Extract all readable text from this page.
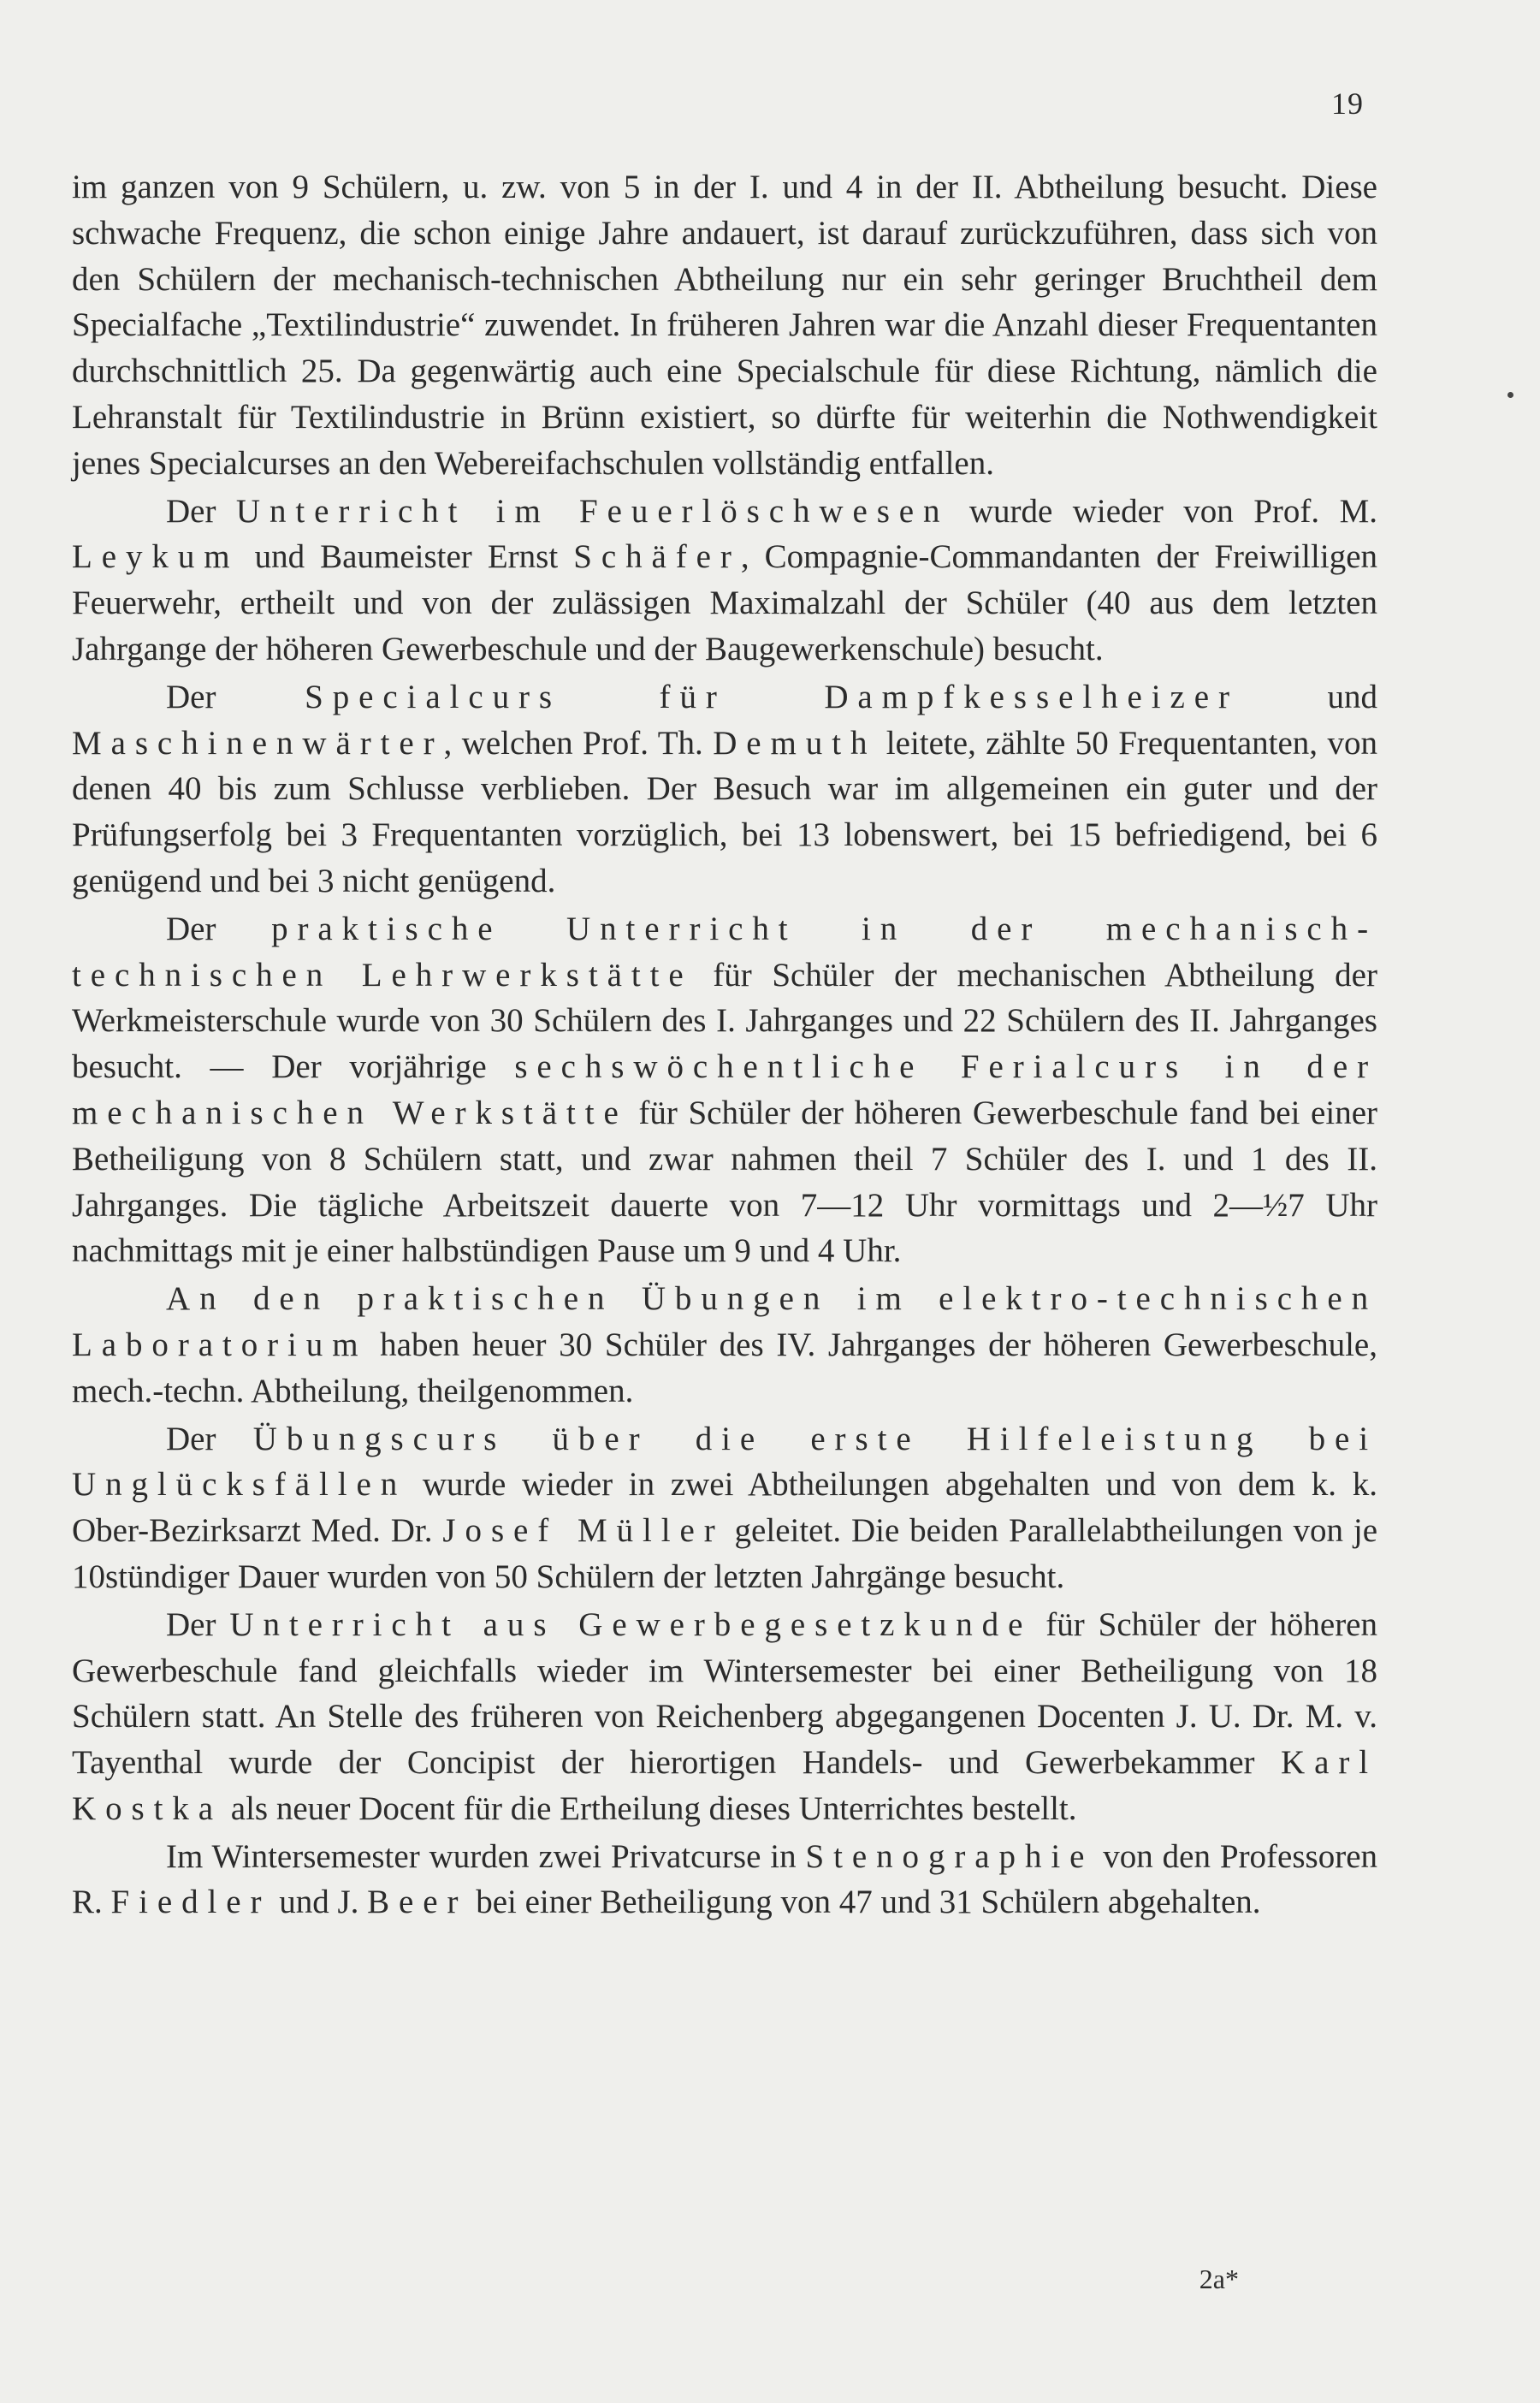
19

im ganzen von 9 Schülern, u. zw. von 5 in der I. und 4 in der II. Abtheilung besucht. Diese schwache Frequenz, die schon einige Jahre andauert, ist darauf zurückzuführen, dass sich von den Schülern der mechanisch-technischen Abtheilung nur ein sehr geringer Bruchtheil dem Specialfache „Textilindustrie“ zuwendet. In früheren Jahren war die Anzahl dieser Frequentanten durchschnittlich 25. Da gegenwärtig auch eine Specialschule für diese Richtung, nämlich die Lehranstalt für Textilindustrie in Brünn existiert, so dürfte für weiterhin die Nothwendigkeit jenes Specialcurses an den Webereifachschulen vollständig entfallen.

Der Unterricht im Feuerlöschwesen wurde wieder von Prof. M. Leykum und Baumeister Ernst Schäfer, Compagnie-Commandanten der Freiwilligen Feuerwehr, ertheilt und von der zulässigen Maximalzahl der Schüler (40 aus dem letzten Jahrgange der höheren Gewerbeschule und der Baugewerkenschule) besucht.

Der Specialcurs für Dampfkesselheizer und Maschinenwärter, welchen Prof. Th. Demuth leitete, zählte 50 Frequentanten, von denen 40 bis zum Schlusse verblieben. Der Besuch war im allgemeinen ein guter und der Prüfungserfolg bei 3 Frequentanten vorzüglich, bei 13 lobenswert, bei 15 befriedigend, bei 6 genügend und bei 3 nicht genügend.

Der praktische Unterricht in der mechanisch-technischen Lehrwerkstätte für Schüler der mechanischen Abtheilung der Werkmeisterschule wurde von 30 Schülern des I. Jahrganges und 22 Schülern des II. Jahrganges besucht. — Der vorjährige sechswöchentliche Ferialcurs in der mechanischen Werkstätte für Schüler der höheren Gewerbeschule fand bei einer Betheiligung von 8 Schülern statt, und zwar nahmen theil 7 Schüler des I. und 1 des II. Jahrganges. Die tägliche Arbeitszeit dauerte von 7—12 Uhr vormittags und 2—½7 Uhr nachmittags mit je einer halbstündigen Pause um 9 und 4 Uhr.

An den praktischen Übungen im elektro-technischen Laboratorium haben heuer 30 Schüler des IV. Jahrganges der höheren Gewerbeschule, mech.-techn. Abtheilung, theilgenommen.

Der Übungscurs über die erste Hilfeleistung bei Unglücksfällen wurde wieder in zwei Abtheilungen abgehalten und von dem k. k. Ober-Bezirksarzt Med. Dr. Josef Müller geleitet. Die beiden Parallelabtheilungen von je 10stündiger Dauer wurden von 50 Schülern der letzten Jahrgänge besucht.

Der Unterricht aus Gewerbegesetzkunde für Schüler der höheren Gewerbeschule fand gleichfalls wieder im Wintersemester bei einer Betheiligung von 18 Schülern statt. An Stelle des früheren von Reichenberg abgegangenen Docenten J. U. Dr. M. v. Tayenthal wurde der Concipist der hierortigen Handels- und Gewerbekammer Karl Kostka als neuer Docent für die Ertheilung dieses Unterrichtes bestellt.

Im Wintersemester wurden zwei Privatcurse in Stenographie von den Professoren R. Fiedler und J. Beer bei einer Betheiligung von 47 und 31 Schülern abgehalten.

2a*
